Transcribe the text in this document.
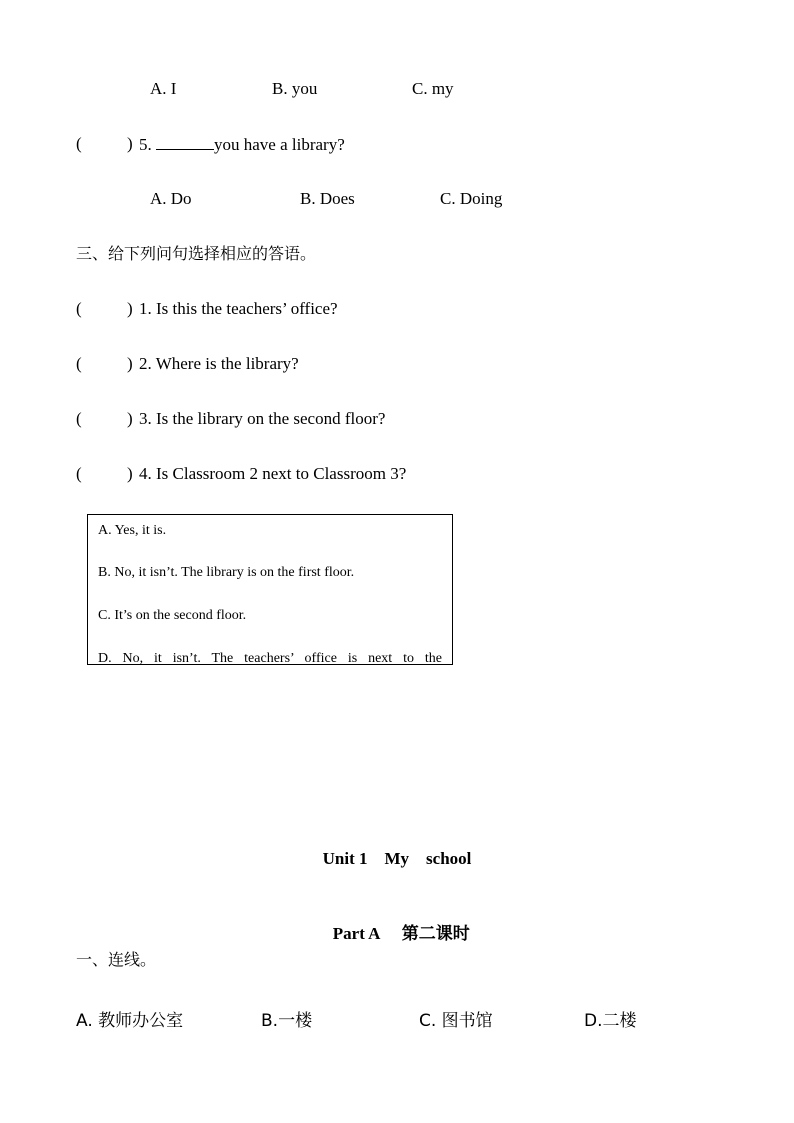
A. I	B. you	C. my
(	) 5.	you have a library?
A. Do	B. Does	C. Doing
三、给下列问句选择相应的答语。
(	) 1. Is this the teachers’ office?
(	) 2. Where is the library?
(	) 3. Is the library on the second floor?
(	) 4. Is Classroom 2 next to Classroom 3?
A. Yes, it is.
B. No, it isn’t. The library is on the first floor.
C. It’s on the second floor.
D. No, it isn’t. The teachers’ office is next to the
Unit 1    My    school

Part A 第二课时

一、连线。
A. 教师办公室	B.一楼	C. 图书馆	D.二楼
